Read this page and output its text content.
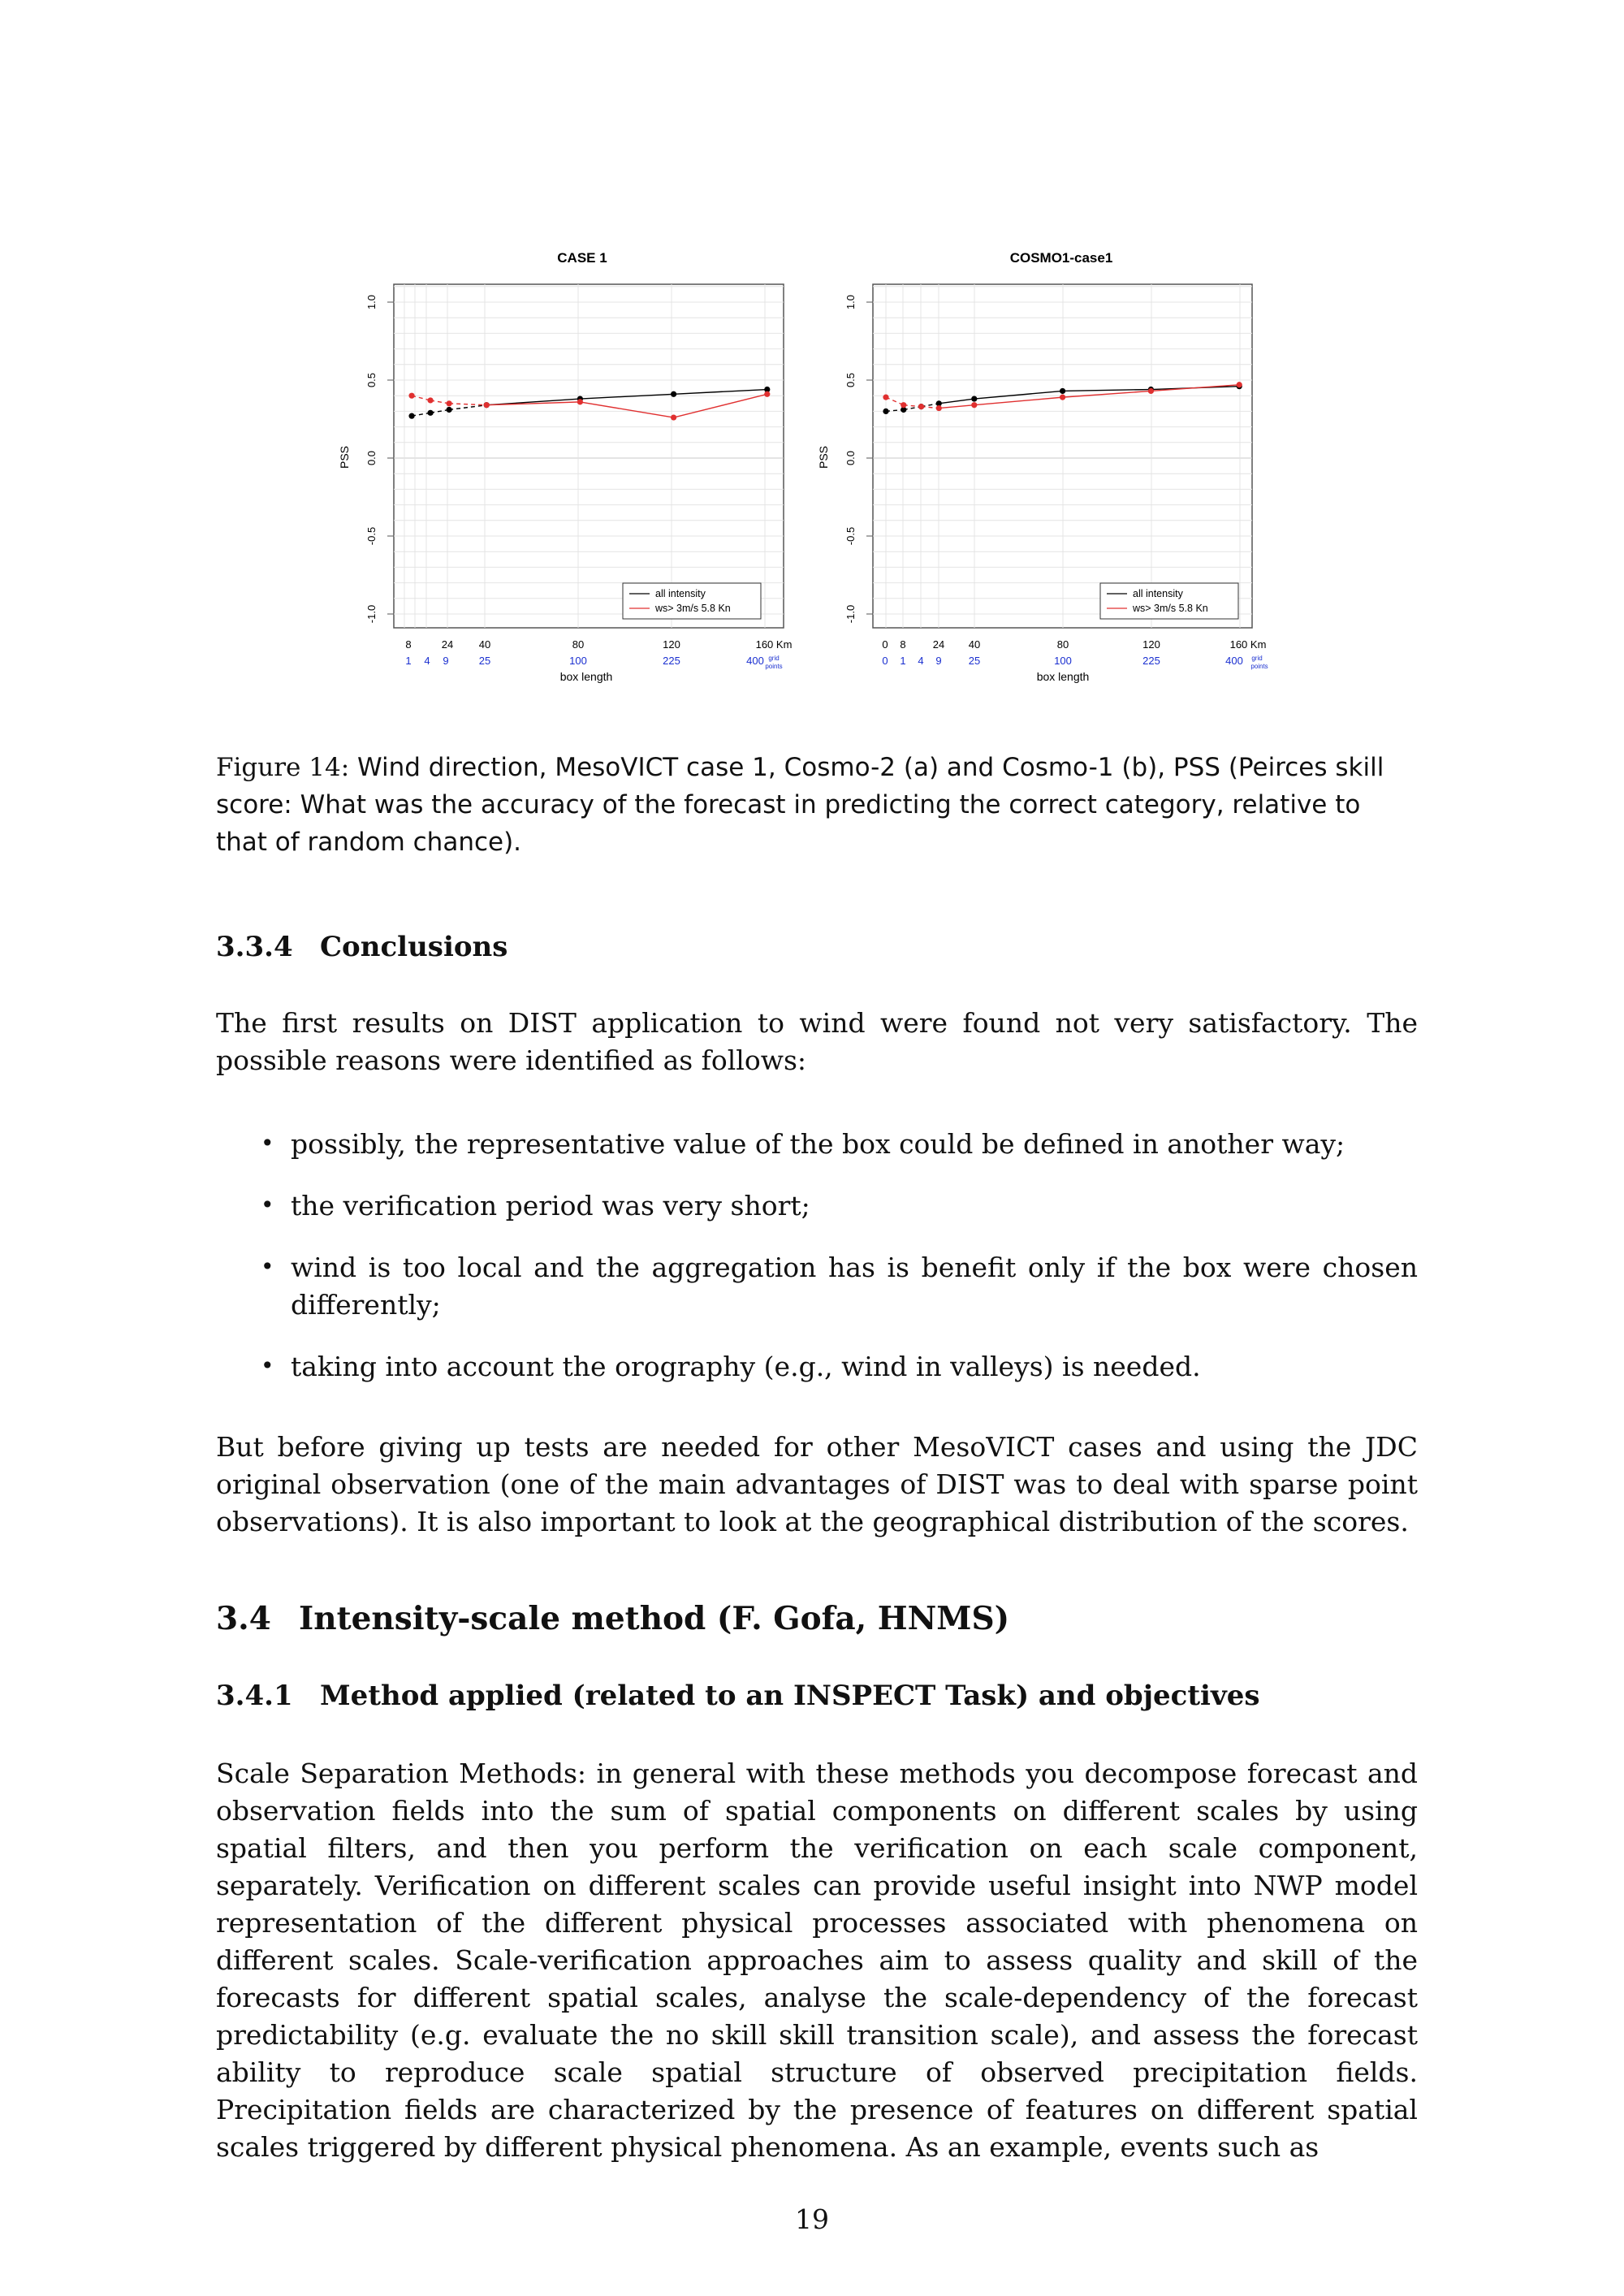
CASE 1
-1.0
-0.5
0.0
0.5
1.0
PSS
8	24 40	80	120	160 Km
1 4 9	25	100	225	400 grid
points
box length
all intensity
ws> 3m/s 5.8 Kn
COSMO1-case1
-1.0
-0.5
0.0
0.5
1.0
PSS
0 8	24 40	80	120	160 Km
0 1 4 9	25	100	225	400 grid
points
box length
all intensity
ws> 3m/s 5.8 Kn

Figure 14: Wind direction, MesoVICT case 1, Cosmo-2 (a) and Cosmo-1 (b), PSS (Peirces skill score: What was the accuracy of the forecast in predicting the correct category, relative to that of random chance).

3.3.4 Conclusions

The first results on DIST application to wind were found not very satisfactory. The possible reasons were identified as follows:

• possibly, the representative value of the box could be defined in another way;
• the verification period was very short;
• wind is too local and the aggregation has is benefit only if the box were chosen differently;
• taking into account the orography (e.g., wind in valleys) is needed.

But before giving up tests are needed for other MesoVICT cases and using the JDC original observation (one of the main advantages of DIST was to deal with sparse point observations). It is also important to look at the geographical distribution of the scores.

3.4 Intensity-scale method (F. Gofa, HNMS)
3.4.1 Method applied (related to an INSPECT Task) and objectives

Scale Separation Methods: in general with these methods you decompose forecast and observation fields into the sum of spatial components on different scales by using spatial filters, and then you perform the verification on each scale component, separately. Verification on different scales can provide useful insight into NWP model representation of the different physical processes associated with phenomena on different scales. Scale-verification approaches aim to assess quality and skill of the forecasts for different spatial scales, analyse the scale-dependency of the forecast predictability (e.g. evaluate the no skill skill transition scale), and assess the forecast ability to reproduce scale spatial structure of observed precipitation fields. Precipitation fields are characterized by the presence of features on different spatial scales triggered by different physical phenomena. As an example, events such as

19
